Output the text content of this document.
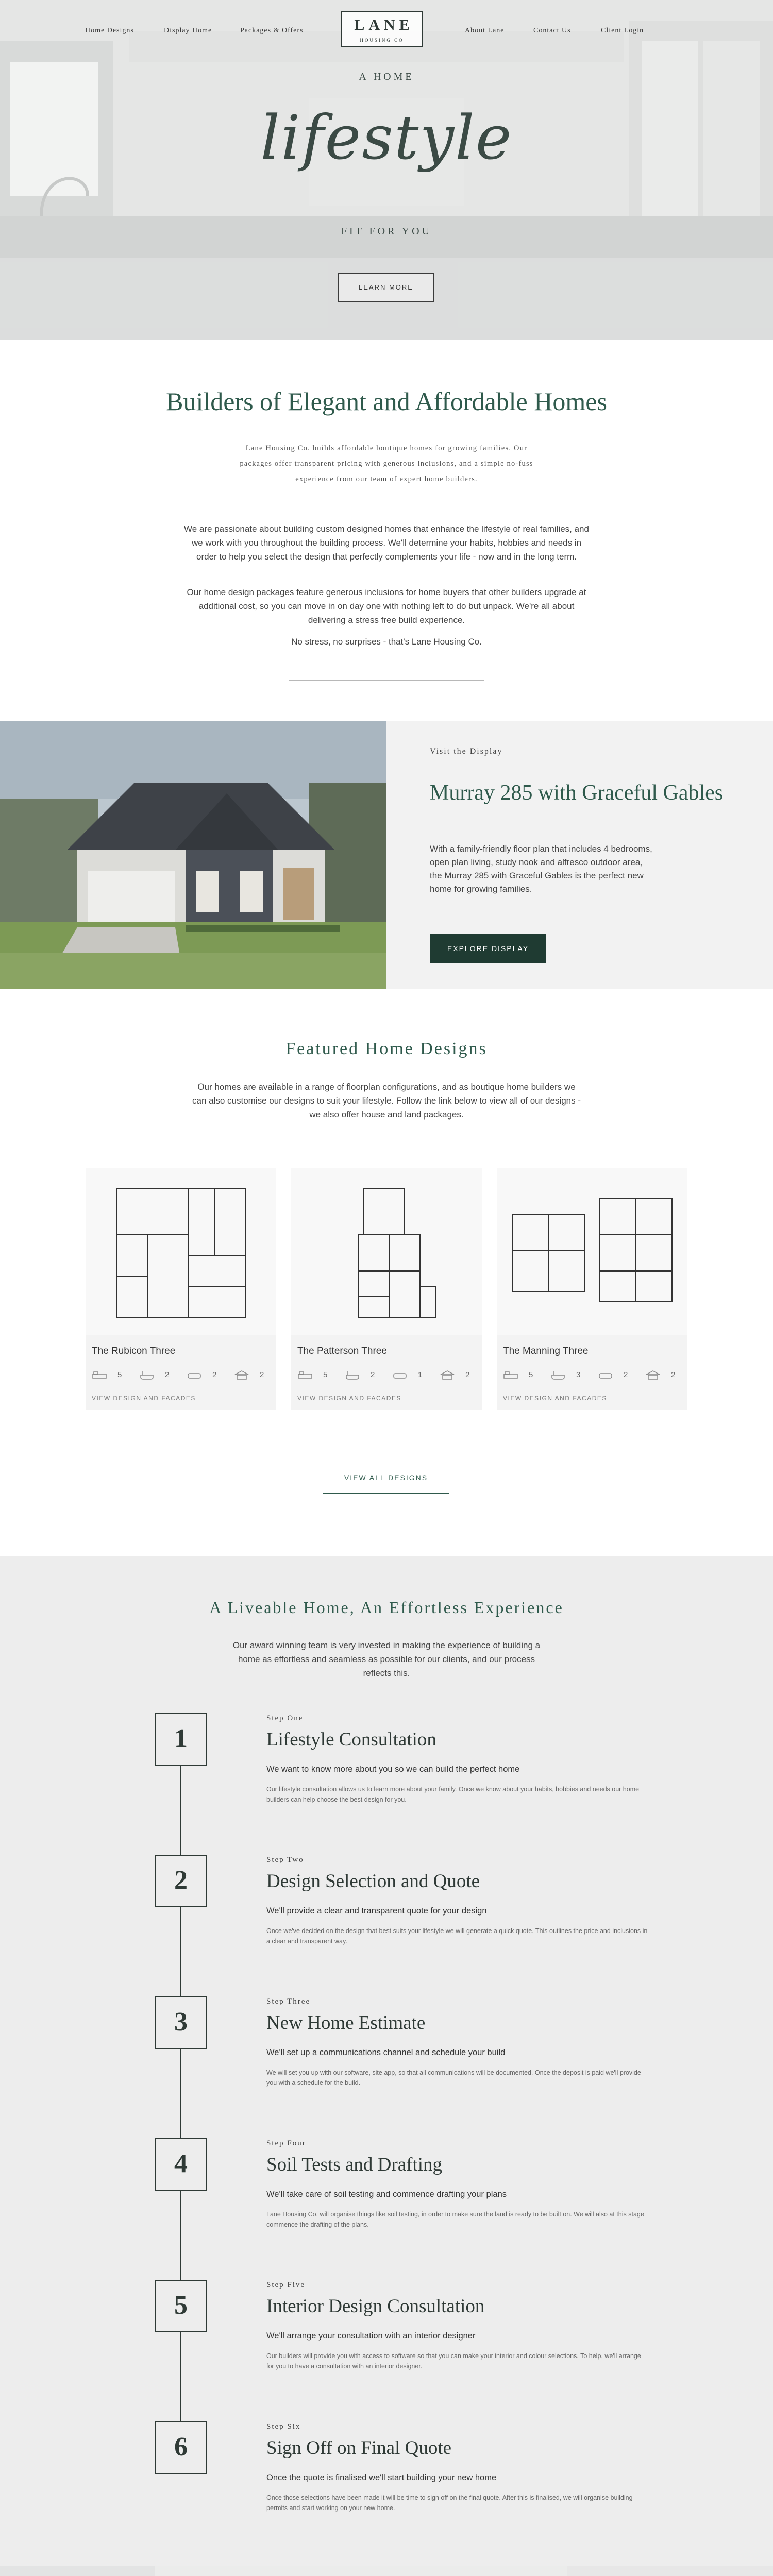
Home Designs	Display Home	Packages & Offers	LANE
HOUSING CO
About Lane	Contact Us	Client Login
A HOME
lifestyle
FIT FOR YOU
LEARN MORE
Builders of Elegant and Affordable Homes
Lane Housing Co. builds affordable boutique homes for growing families. Our packages offer transparent pricing with generous inclusions, and a simple no-fuss experience from our team of expert home builders.
We are passionate about building custom designed homes that enhance the lifestyle of real families, and we work with you throughout the building process. We'll determine your habits, hobbies and needs in order to help you select the design that perfectly complements your life - now and in the long term.
Our home design packages feature generous inclusions for home buyers that other builders upgrade at additional cost, so you can move in on day one with nothing left to do but unpack. We're all about delivering a stress free build experience.
No stress, no surprises - that's Lane Housing Co.
Visit the Display
Murray 285 with Graceful Gables

With a family-friendly floor plan that includes 4 bedrooms, open plan living, study nook and alfresco outdoor area, the Murray 285 with Graceful Gables is the perfect new home for growing families.

EXPLORE DISPLAY
Featured Home Designs

Our homes are available in a range of floorplan configurations, and as boutique home builders we can also customise our designs to suit your lifestyle. Follow the link below to view all of our designs - we also offer house and land packages.

The Rubicon Three
5	2	2	2
VIEW DESIGN AND FACADES
The Patterson Three
5	2	1	2
VIEW DESIGN AND FACADES
The Manning Three
5	3	2	2
VIEW DESIGN AND FACADES
VIEW ALL DESIGNS
A Liveable Home, An Effortless Experience
Our award winning team is very invested in making the experience of building a home as effortless and seamless as possible for our clients, and our process reflects this.
1
Step One
Lifestyle Consultation
We want to know more about you so we can build the perfect home
Our lifestyle consultation allows us to learn more about your family. Once we know about your habits, hobbies and needs our home builders can help choose the best design for you.
2
Step Two
Design Selection and Quote
We'll provide a clear and transparent quote for your design
Once we've decided on the design that best suits your lifestyle we will generate a quick quote. This outlines the price and inclusions in a clear and transparent way.
3
Step Three
New Home Estimate
We'll set up a communications channel and schedule your build
We will set you up with our software, site app, so that all communications will be documented. Once the deposit is paid we'll provide you with a schedule for the build.
4
Step Four
Soil Tests and Drafting
We'll take care of soil testing and commence drafting your plans
Lane Housing Co. will organise things like soil testing, in order to make sure the land is ready to be built on. We will also at this stage commence the drafting of the plans.
5
Step Five
Interior Design Consultation
We'll arrange your consultation with an interior designer
Our builders will provide you with access to software so that you can make your interior and colour selections. To help, we'll arrange for you to have a consultation with an interior designer.
6
Step Six
Sign Off on Final Quote
Once the quote is finalised we'll start building your new home
Once those selections have been made it will be time to sign off on the final quote. After this is finalised, we will organise building permits and start working on your new home.
